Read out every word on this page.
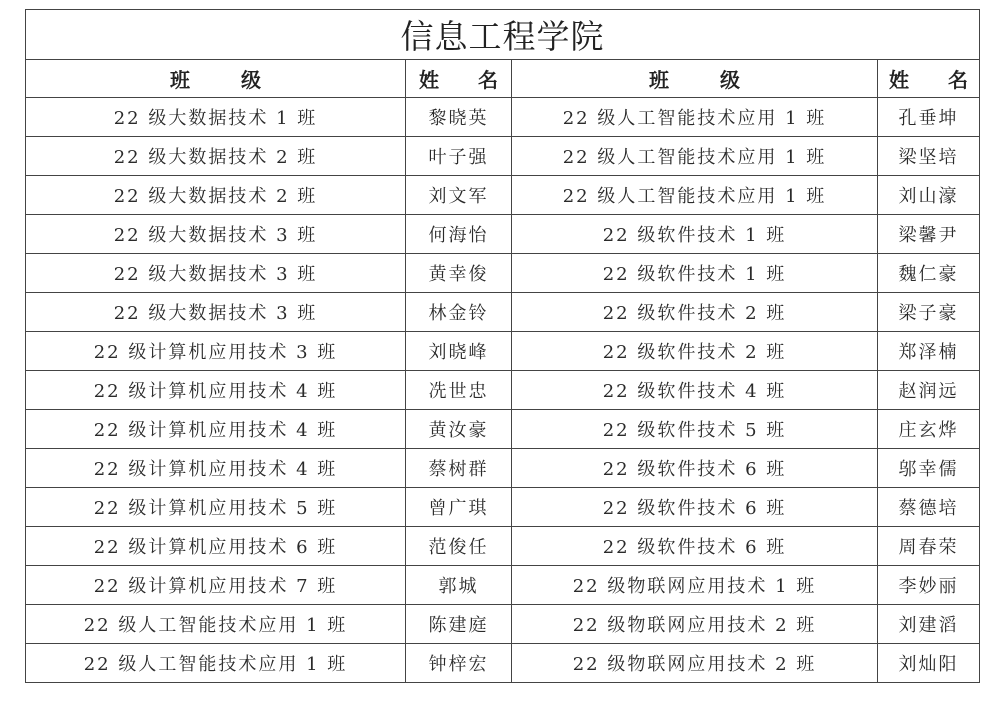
信息工程学院			
班 级	姓 名	班 级	姓 名
22 级大数据技术 1 班	黎晓英	22 级人工智能技术应用 1 班	孔垂坤
22 级大数据技术 2 班	叶子强	22 级人工智能技术应用 1 班	梁坚培
22 级大数据技术 2 班	刘文军	22 级人工智能技术应用 1 班	刘山濠
22 级大数据技术 3 班	何海怡	22 级软件技术 1 班	梁馨尹
22 级大数据技术 3 班	黄幸俊	22 级软件技术 1 班	魏仁豪
22 级大数据技术 3 班	林金铃	22 级软件技术 2 班	梁子豪
22 级计算机应用技术 3 班	刘晓峰	22 级软件技术 2 班	郑泽楠
22 级计算机应用技术 4 班	冼世忠	22 级软件技术 4 班	赵润远
22 级计算机应用技术 4 班	黄汝豪	22 级软件技术 5 班	庄玄烨
22 级计算机应用技术 4 班	蔡树群	22 级软件技术 6 班	邬幸儒
22 级计算机应用技术 5 班	曾广琪	22 级软件技术 6 班	蔡德培
22 级计算机应用技术 6 班	范俊任	22 级软件技术 6 班	周春荣
22 级计算机应用技术 7 班	郭城	22 级物联网应用技术 1 班	李妙丽
22 级人工智能技术应用 1 班	陈建庭	22 级物联网应用技术 2 班	刘建滔
22 级人工智能技术应用 1 班	钟梓宏	22 级物联网应用技术 2 班	刘灿阳
